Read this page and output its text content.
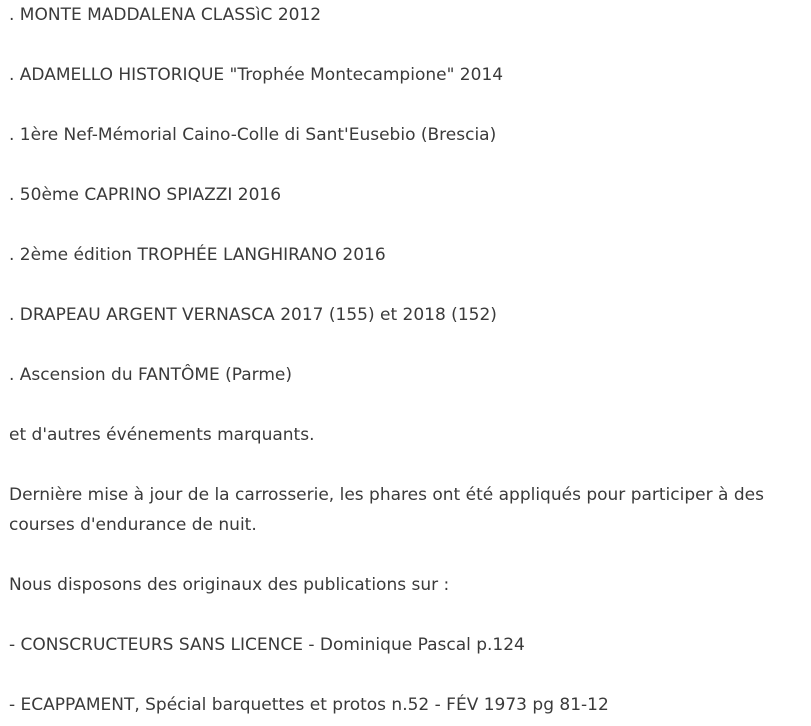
. MONTE MADDALENA CLASSìC 2012

. ADAMELLO HISTORIQUE "Trophée Montecampione" 2014

. 1ère Nef-Mémorial Caino-Colle di Sant'Eusebio (Brescia)

. 50ème CAPRINO SPIAZZI 2016

. 2ème édition TROPHÉE LANGHIRANO 2016

. DRAPEAU ARGENT VERNASCA 2017 (155) et 2018 (152)

. Ascension du FANTÔME (Parme)

et d'autres événements marquants.

Dernière mise à jour de la carrosserie, les phares ont été appliqués pour participer à des courses d'endurance de nuit.

Nous disposons des originaux des publications sur :

- CONSCRUCTEURS SANS LICENCE - Dominique Pascal p.124

- ECAPPAMENT, Spécial barquettes et protos n.52 - FÉV 1973 pg 81-12
